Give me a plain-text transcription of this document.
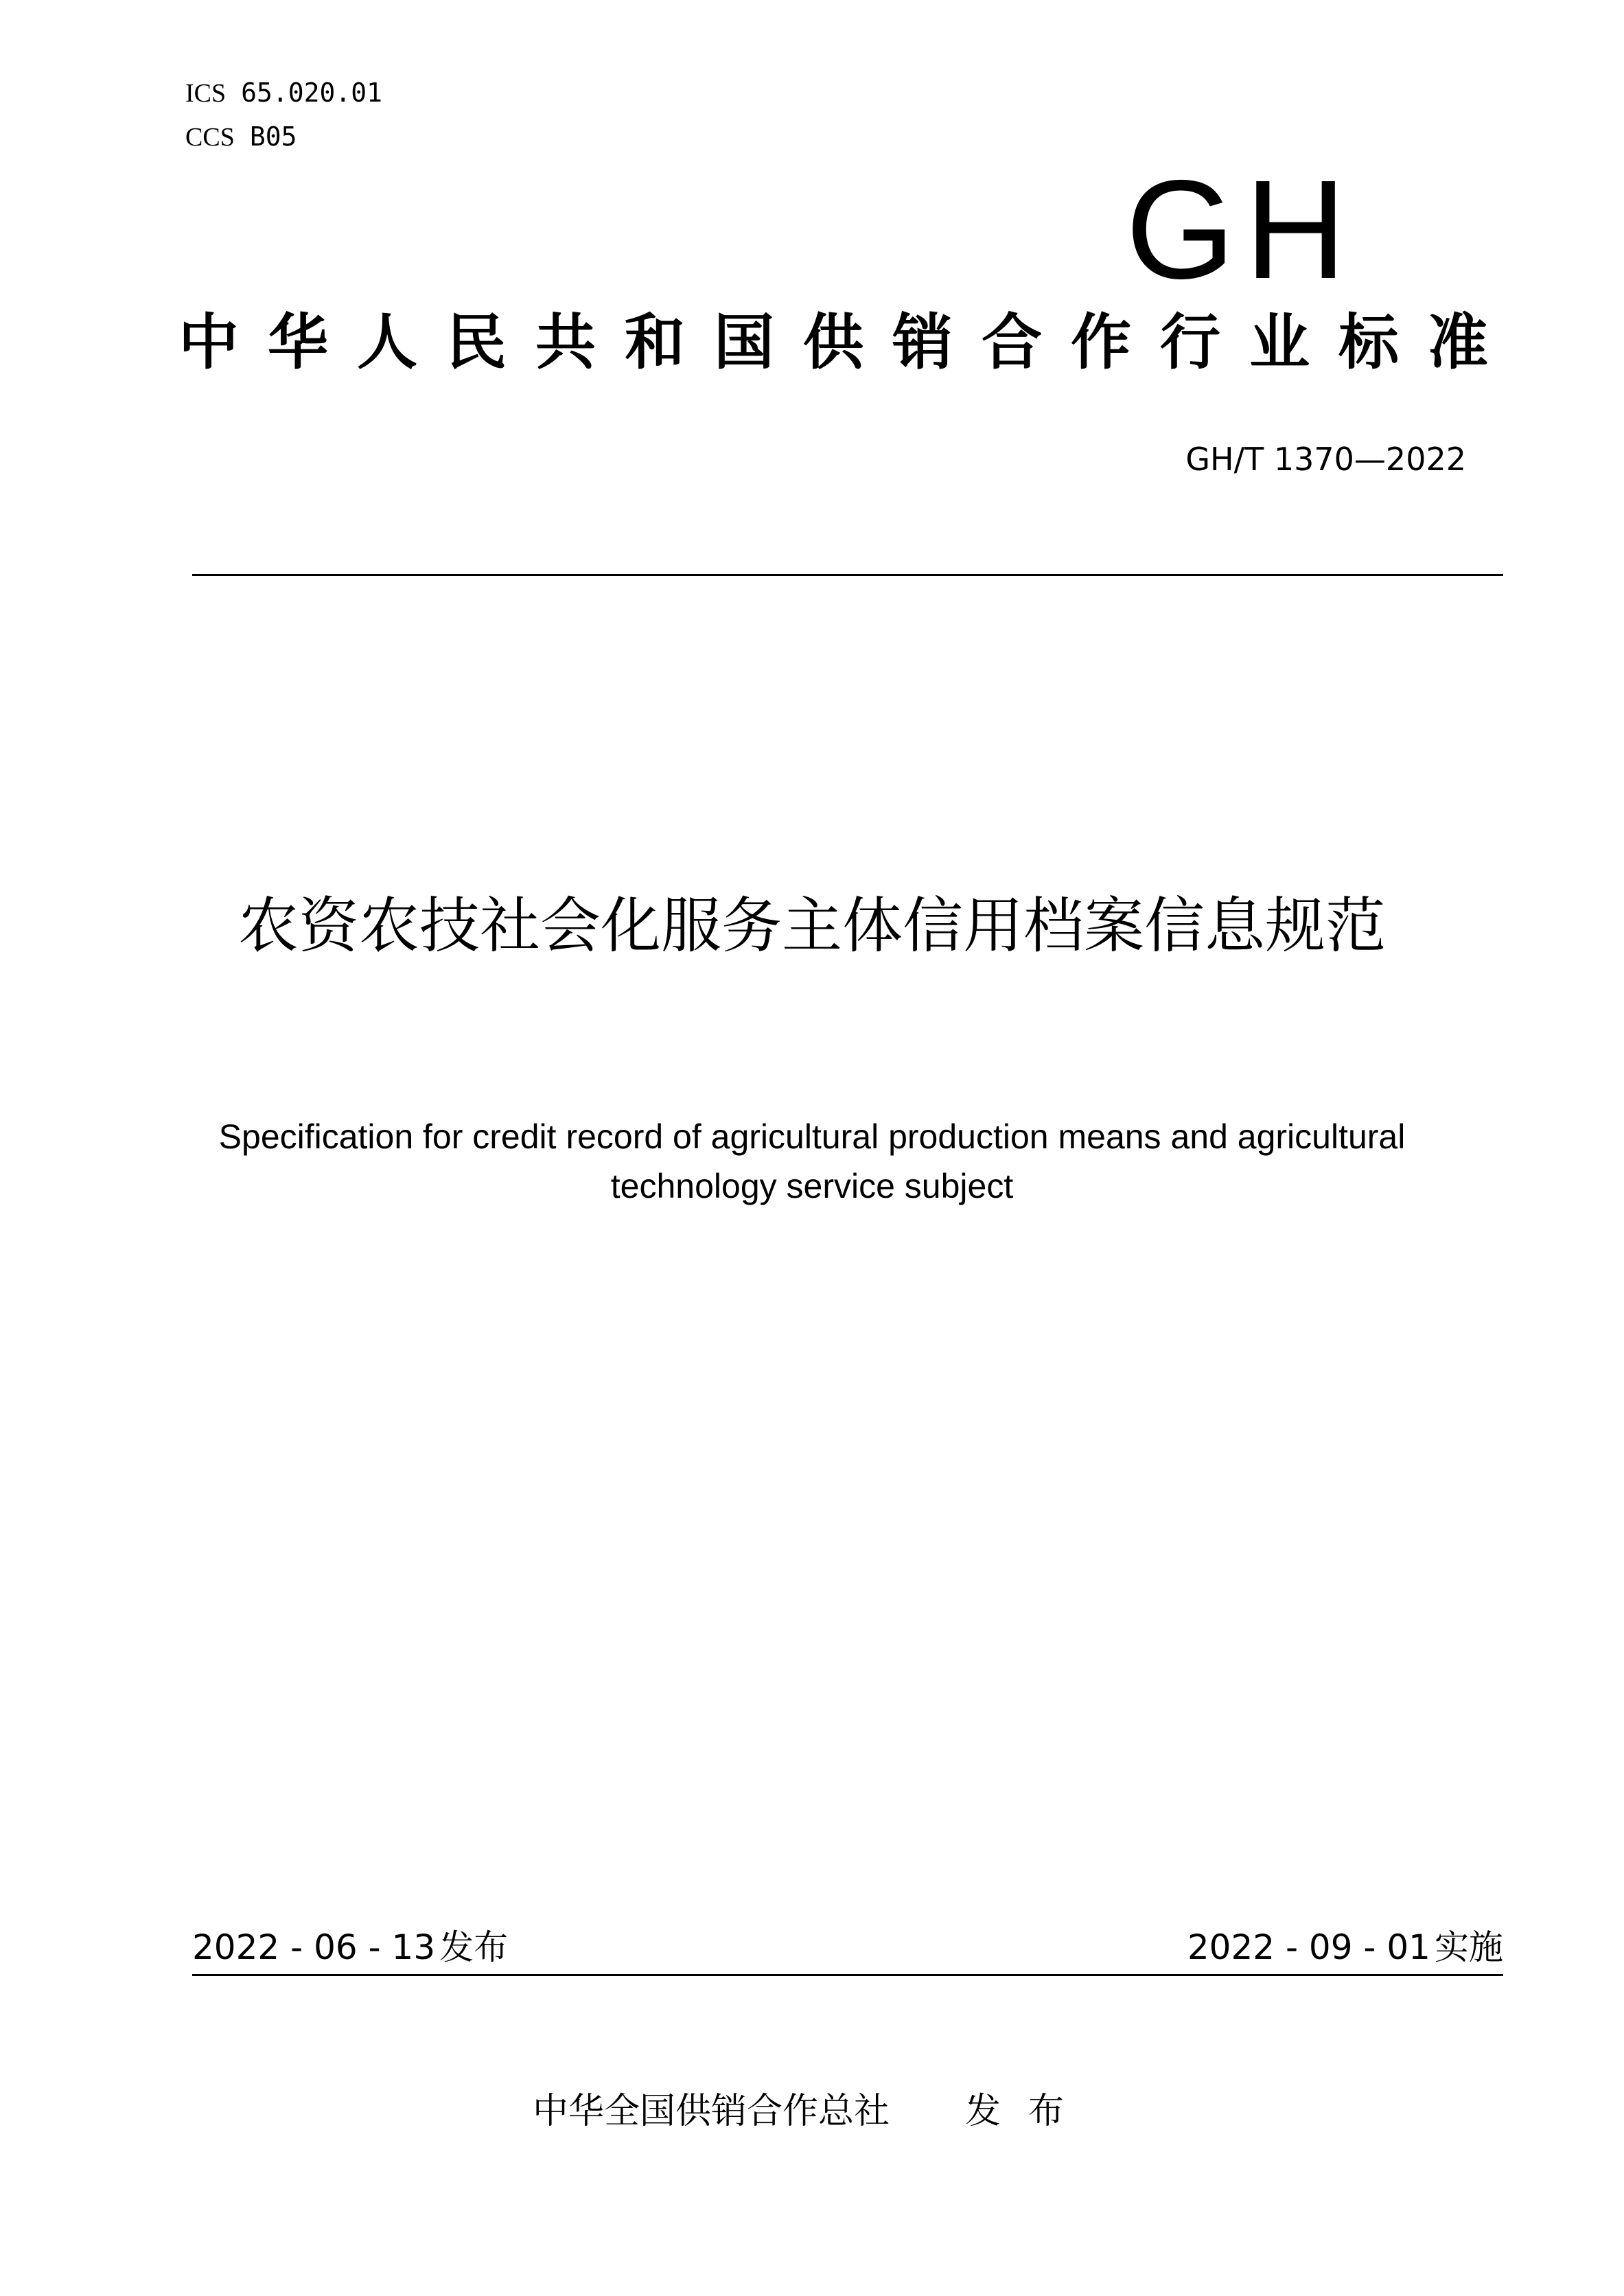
ICS 65.020.01
CCS B05
GH
中华人民共和国供销合作行业标准
GH/T 1370—2022
农资农技社会化服务主体信用档案信息规范
Specification for credit record of agricultural production means and agricultural technology service subject
2022 - 06 - 13 发布	2022 - 09 - 01 实施
中华全国供销合作总社 发布
